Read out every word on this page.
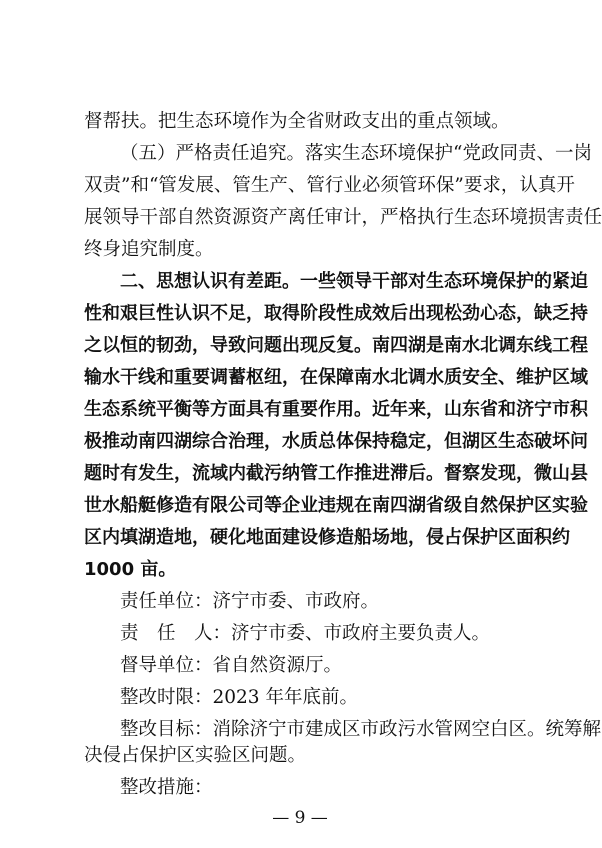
督帮扶。把生态环境作为全省财政支出的重点领域。
（五）严格责任追究。落实生态环境保护“党政同责、一岗
双责”和“管发展、管生产、管行业必须管环保”要求，认真开
展领导干部自然资源资产离任审计，严格执行生态环境损害责任
终身追究制度。
二、思想认识有差距。一些领导干部对生态环境保护的紧迫
性和艰巨性认识不足，取得阶段性成效后出现松劲心态，缺乏持
之以恒的韧劲，导致问题出现反复。南四湖是南水北调东线工程
输水干线和重要调蓄枢纽，在保障南水北调水质安全、维护区域
生态系统平衡等方面具有重要作用。近年来，山东省和济宁市积
极推动南四湖综合治理，水质总体保持稳定，但湖区生态破坏问
题时有发生，流域内截污纳管工作推进滞后。督察发现，微山县
世水船艇修造有限公司等企业违规在南四湖省级自然保护区实验
区内填湖造地，硬化地面建设修造船场地，侵占保护区面积约
1000 亩。
责任单位：济宁市委、市政府。
责　任　人：济宁市委、市政府主要负责人。
督导单位：省自然资源厅。
整改时限：2023 年年底前。
整改目标：消除济宁市建成区市政污水管网空白区。统筹解
决侵占保护区实验区问题。
整改措施：
— 9 —
